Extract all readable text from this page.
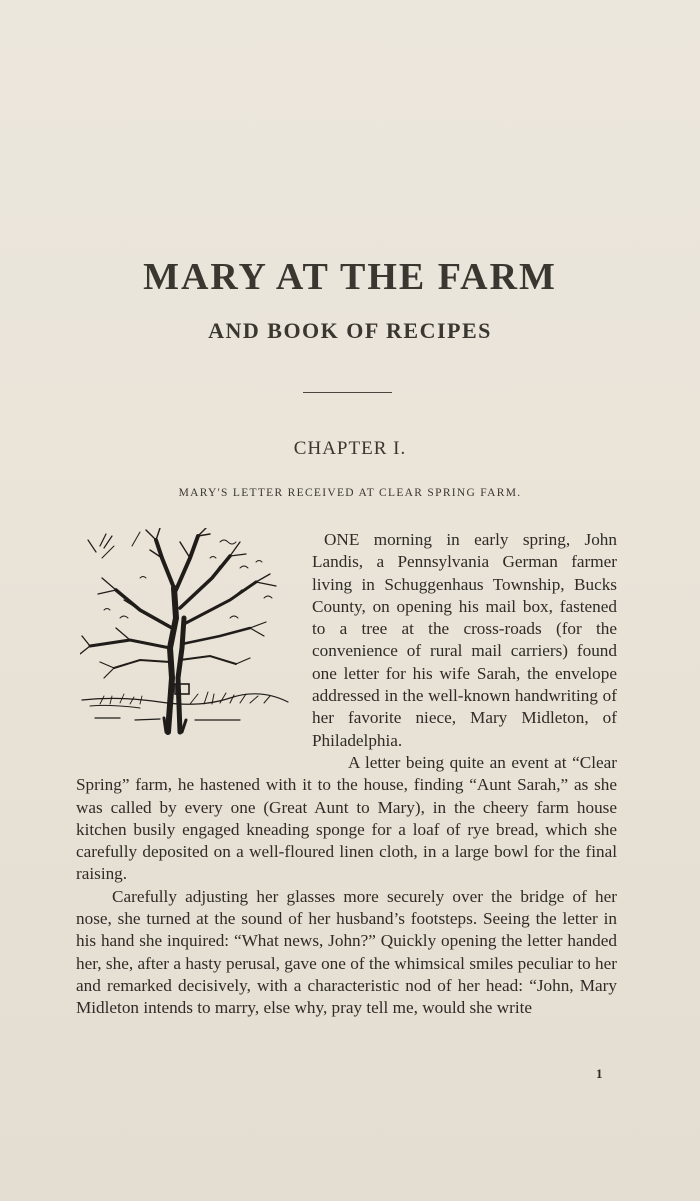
MARY AT THE FARM
AND BOOK OF RECIPES
CHAPTER I.
MARY'S LETTER RECEIVED AT CLEAR SPRING FARM.

ONE morning in early spring, John Landis, a Pennsylvania German farmer living in Schuggenhaus Township, Bucks County, on opening his mail box, fastened to a tree at the cross-roads (for the convenience of rural mail carriers) found one letter for his wife Sarah, the envelope addressed in the well-known handwriting of her favorite niece, Mary Midleton, of Philadelphia.

A letter being quite an event at “Clear Spring” farm, he hastened with it to the house, finding “Aunt Sarah,” as she was called by every one (Great Aunt to Mary), in the cheery farm house kitchen busily engaged kneading sponge for a loaf of rye bread, which she carefully deposited on a well-floured linen cloth, in a large bowl for the final raising.

Carefully adjusting her glasses more securely over the bridge of her nose, she turned at the sound of her husband’s footsteps. Seeing the letter in his hand she inquired: “What news, John?” Quickly opening the letter handed her, she, after a hasty perusal, gave one of the whimsical smiles peculiar to her and remarked decisively, with a characteristic nod of her head: “John, Mary Midleton intends to marry, else why, pray tell me, would she write

1
